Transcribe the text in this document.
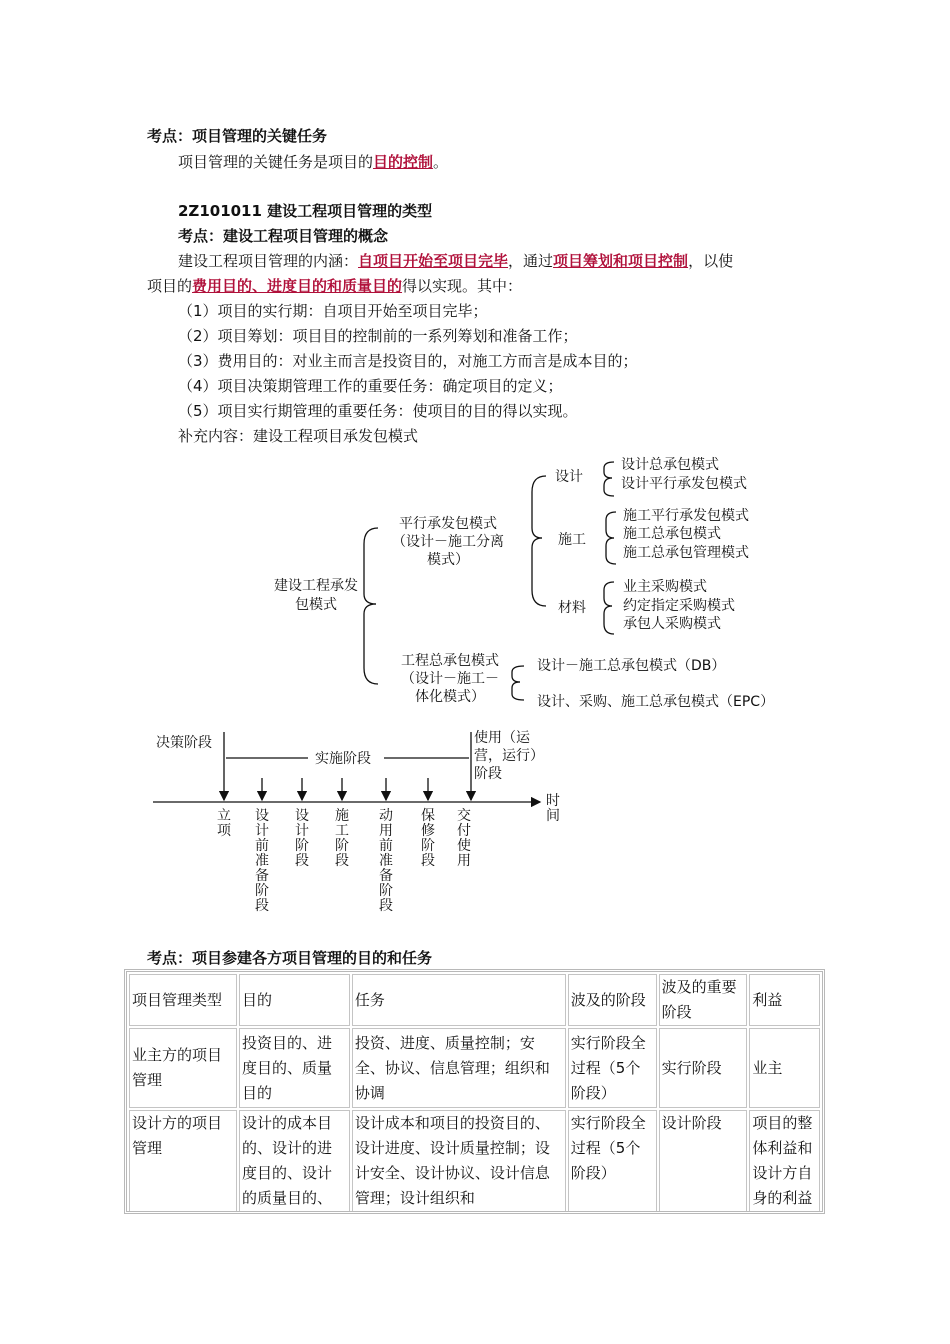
考点：项目管理的关键任务
项目管理的关键任务是项目的目的控制。
2Z101011 建设工程项目管理的类型
考点：建设工程项目管理的概念
建设工程项目管理的内涵：自项目开始至项目完毕，通过项目筹划和项目控制，以使
项目的费用目的、进度目的和质量目的得以实现。其中：
（1）项目的实行期：自项目开始至项目完毕；
（2）项目筹划：项目目的控制前的一系列筹划和准备工作；
（3）费用目的：对业主而言是投资目的，对施工方而言是成本目的；
（4）项目决策期管理工作的重要任务：确定项目的定义；
（5）项目实行期管理的重要任务：使项目的目的得以实现。
补充内容：建设工程项目承发包模式
建设工程承发
包模式
平行承发包模式
（设计－施工分离
模式）
工程总承包模式
（设计－施工－
体化模式）
设计
设计总承包模式
设计平行承发包模式
施工
施工平行承发包模式
施工总承包模式
施工总承包管理模式
材料
业主采购模式
约定指定采购模式
承包人采购模式
设计－施工总承包模式（DB）
设计、采购、施工总承包模式（EPC）
决策阶段
实施阶段
使用（运
营，运行）
阶段
时
间
立项
设计前准备阶段
设计阶段
施工阶段
动用前准备阶段
保修阶段
交付使用
考点：项目参建各方项目管理的目的和任务
项目管理类型	目的	任务	波及的阶段	波及的重要阶段	利益
业主方的项目管理	投资目的、进度目的、质量目的	投资、进度、质量控制；安全、协议、信息管理；组织和协调	实行阶段全过程（5个阶段）	实行阶段	业主
设计方的项目管理	设计的成本目的、设计的进度目的、设计的质量目的、	设计成本和项目的投资目的、设计进度、设计质量控制；设计安全、设计协议、设计信息管理；设计组织和	实行阶段全过程（5个阶段）	设计阶段	项目的整体利益和设计方自身的利益
